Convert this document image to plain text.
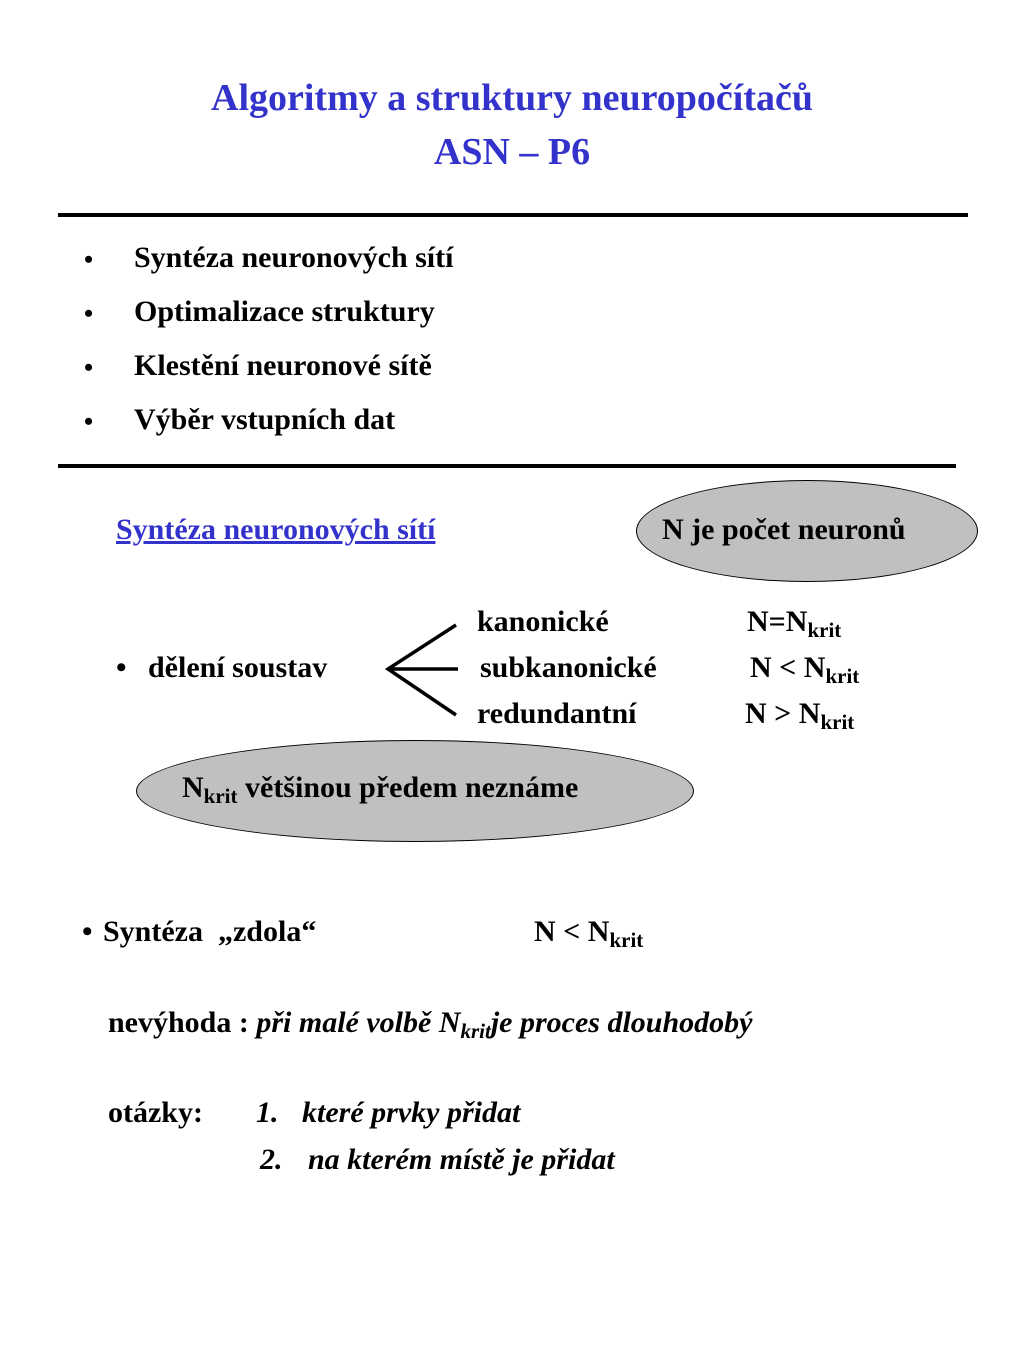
Algoritmy a struktury neuropočítačů
ASN – P6
• Syntéza neuronových sítí
• Optimalizace struktury
• Klestění neuronové sítě
• Výběr vstupních dat
Syntéza neuronových sítí	N je počet neuronů
• dělení soustav
kanonické	$N=N_{krit}$
subkanonické	$N < N_{krit}$
redundantní	$N > N_{krit}$
$N_{krit}$ většinou předem neznáme
• Syntéza  „zdola“	$N < N_{krit}$
nevýhoda : při malé volbě $N_{krit}je$ proces dlouhodobý
otázky: 1. které prvky přidat
2. na kterém místě je přidat
